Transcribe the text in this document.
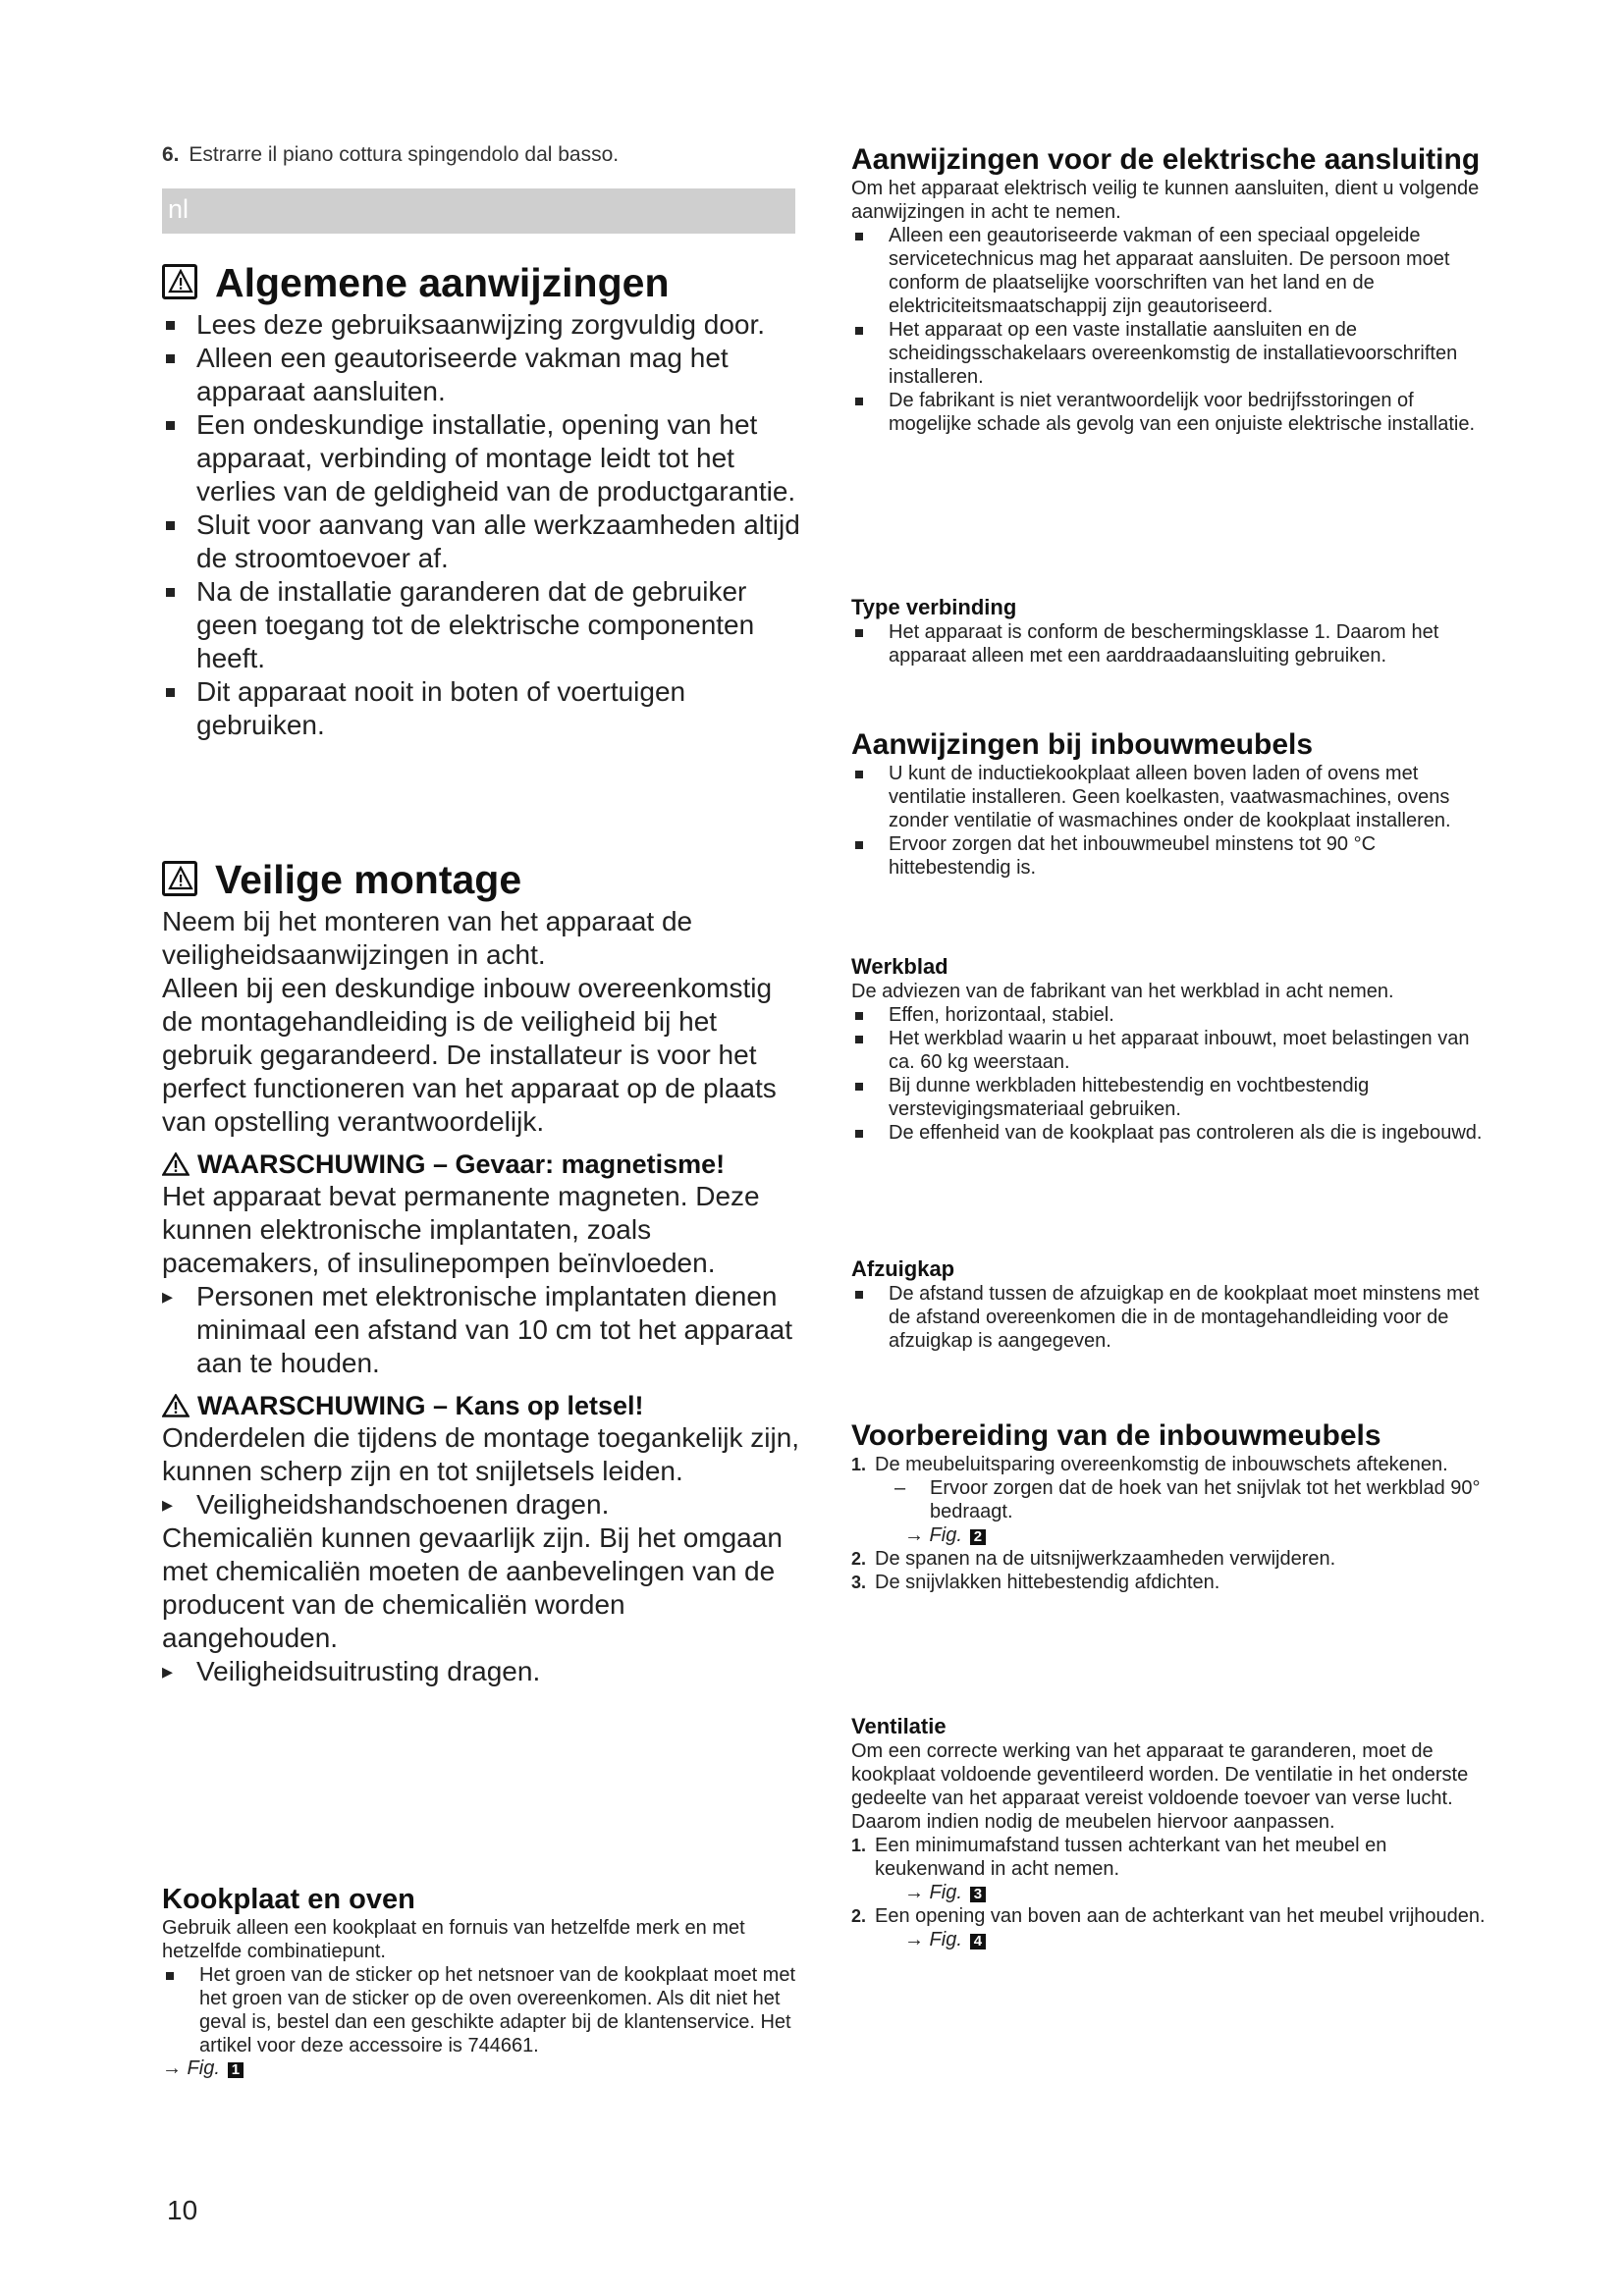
6. Estrarre il piano cottura spingendolo dal basso.
nl
Algemene aanwijzingen
Lees deze gebruiksaanwijzing zorgvuldig door.
Alleen een geautoriseerde vakman mag het apparaat aansluiten.
Een ondeskundige installatie, opening van het apparaat, verbinding of montage leidt tot het verlies van de geldigheid van de productgarantie.
Sluit voor aanvang van alle werkzaamheden altijd de stroomtoevoer af.
Na de installatie garanderen dat de gebruiker geen toegang tot de elektrische componenten heeft.
Dit apparaat nooit in boten of voertuigen gebruiken.
Veilige montage
Neem bij het monteren van het apparaat de veiligheidsaanwijzingen in acht.
Alleen bij een deskundige inbouw overeenkomstig de montagehandleiding is de veiligheid bij het gebruik gegarandeerd. De installateur is voor het perfect functioneren van het apparaat op de plaats van opstelling verantwoordelijk.
WAARSCHUWING – Gevaar: magnetisme!
Het apparaat bevat permanente magneten. Deze kunnen elektronische implantaten, zoals pacemakers, of insulinepompen beïnvloeden.
▸ Personen met elektronische implantaten dienen minimaal een afstand van 10 cm tot het apparaat aan te houden.
WAARSCHUWING – Kans op letsel!
Onderdelen die tijdens de montage toegankelijk zijn, kunnen scherp zijn en tot snijletsels leiden.
▸ Veiligheidshandschoenen dragen.
Chemicaliën kunnen gevaarlijk zijn. Bij het omgaan met chemicaliën moeten de aanbevelingen van de producent van de chemicaliën worden aangehouden.
▸ Veiligheidsuitrusting dragen.
Kookplaat en oven
Gebruik alleen een kookplaat en fornuis van hetzelfde merk en met hetzelfde combinatiepunt.
Het groen van de sticker op het netsnoer van de kookplaat moet met het groen van de sticker op de oven overeenkomen. Als dit niet het geval is, bestel dan een geschikte adapter bij de klantenservice. Het artikel voor deze accessoire is 744661.
→ Fig. 1
10
Aanwijzingen voor de elektrische aansluiting
Om het apparaat elektrisch veilig te kunnen aansluiten, dient u volgende aanwijzingen in acht te nemen.
Alleen een geautoriseerde vakman of een speciaal opgeleide servicetechnicus mag het apparaat aansluiten. De persoon moet conform de plaatselijke voorschriften van het land en de elektriciteitsmaatschappij zijn geautoriseerd.
Het apparaat op een vaste installatie aansluiten en de scheidingsschakelaars overeenkomstig de installatievoorschriften installeren.
De fabrikant is niet verantwoordelijk voor bedrijfsstoringen of mogelijke schade als gevolg van een onjuiste elektrische installatie.
Type verbinding
Het apparaat is conform de beschermingsklasse 1. Daarom het apparaat alleen met een aarddraadaansluiting gebruiken.
Aanwijzingen bij inbouwmeubels
U kunt de inductiekookplaat alleen boven laden of ovens met ventilatie installeren. Geen koelkasten, vaatwasmachines, ovens zonder ventilatie of wasmachines onder de kookplaat installeren.
Ervoor zorgen dat het inbouwmeubel minstens tot 90 °C hittebestendig is.
Werkblad
De adviezen van de fabrikant van het werkblad in acht nemen.
Effen, horizontaal, stabiel.
Het werkblad waarin u het apparaat inbouwt, moet belastingen van ca. 60 kg weerstaan.
Bij dunne werkbladen hittebestendig en vochtbestendig verstevigingsmateriaal gebruiken.
De effenheid van de kookplaat pas controleren als die is ingebouwd.
Afzuigkap
De afstand tussen de afzuigkap en de kookplaat moet minstens met de afstand overeenkomen die in de montagehandleiding voor de afzuigkap is aangegeven.
Voorbereiding van de inbouwmeubels
1. De meubeluitsparing overeenkomstig de inbouwschets aftekenen.
– Ervoor zorgen dat de hoek van het snijvlak tot het werkblad 90° bedraagt.
→ Fig. 2
2. De spanen na de uitsnijwerkzaamheden verwijderen.
3. De snijvlakken hittebestendig afdichten.
Ventilatie
Om een correcte werking van het apparaat te garanderen, moet de kookplaat voldoende geventileerd worden. De ventilatie in het onderste gedeelte van het apparaat vereist voldoende toevoer van verse lucht. Daarom indien nodig de meubelen hiervoor aanpassen.
1. Een minimumafstand tussen achterkant van het meubel en keukenwand in acht nemen.
→ Fig. 3
2. Een opening van boven aan de achterkant van het meubel vrijhouden.
→ Fig. 4
